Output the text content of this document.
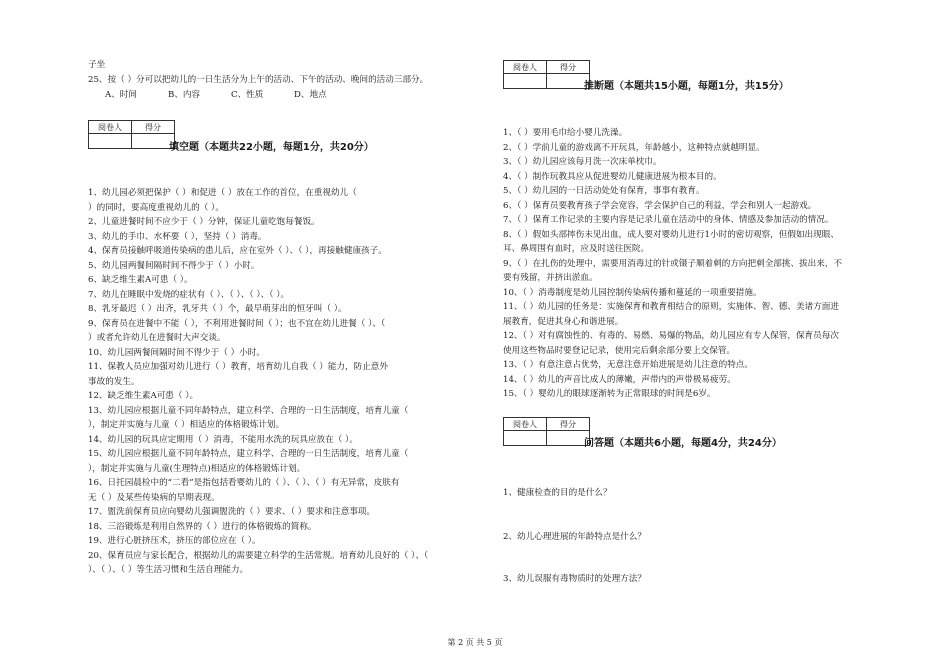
子坐
25、按（ ）分可以把幼儿的一日生活分为上午的活动、下午的活动、晚间的活动三部分。
A、时间	B、内容	C、性质	D、地点
阅卷人	得分

填空题（本题共22小题，每题1分，共20分）
1、幼儿园必须把保护（ ）和促进（ ）放在工作的首位，在重视幼儿（
）的同时，要高度重视幼儿的（ ）。
2、儿童进餐时间不应少于（ ）分钟，保证儿童吃饱每餐饭。
3、幼儿的手巾、水杯要（ ），坚持（ ）消毒。
4、保育员接触呼吸道传染病的患儿后，应在室外（ ）、（ ），再接触健康孩子。
5、幼儿园两餐间隔时间不得少于（ ）小时。
6、缺乏维生素A可患（ ）。
7、幼儿在睡眠中发烧的症状有（ ）、（ ）、（ ）、（ ）。
8、乳牙最迟（ ）出齐，乳牙共（ ）个，最早萌芽出的恒牙叫（ ）。
9、保育员在进餐中不能（ ），不利用进餐时间（ ）；也不宜在幼儿进餐（ ）、（
）或者允许幼儿在进餐时大声交谈。
10、幼儿园两餐间隔时间不得少于（ ）小时。
11、保教人员应加强对幼儿进行（ ）教育，培育幼儿自我（ ）能力，防止意外
事故的发生。
12、缺乏维生素A可患（ ）。
13、幼儿园应根据儿童不同年龄特点，建立科学、合理的一日生活制度，培育儿童（
），制定并实施与儿童（ ）相适应的体格锻炼计划。
14、幼儿园的玩具应定期用（ ）消毒，不能用水洗的玩具应放在（ ）。
15、幼儿园应根据儿童不同年龄特点，建立科学、合理的一日生活制度，培育儿童（
），制定并实施与儿童(生理特点)相适应的体格锻炼计划。
16、日托园晨检中的“二看”是指包括看婴幼儿的（ ）、（ ）、（ ）有无异常，皮肤有
无（ ）及某些传染病的早期表现。
17、盥洗前保育员应向婴幼儿强调盥洗的（ ）要求、（ ）要求和注意事项。
18、三浴锻炼是利用自然界的（ ）进行的体格锻炼的简称。
19、进行心脏挤压术，挤压的部位应在（ ）。
20、保育员应与家长配合，根据幼儿的需要建立科学的生活常规。培育幼儿良好的（ ）、（
）、（ ）、（ ）等生活习惯和生活自理能力。
阅卷人	得分

推断题（本题共15小题，每题1分，共15分）
1、（ ）要用毛巾给小婴儿洗澡。
2、（ ）学前儿童的游戏离不开玩具，年龄越小，这种特点就越明显。
3、（ ）幼儿园应该每月洗一次床单枕巾。
4、（ ）制作玩教具应从促进婴幼儿健康进展为根本目的。
5、（ ）幼儿园的一日活动处处有保育，事事有教育。
6、（ ）保育员要教育孩子学会宽容，学会保护自己的利益，学会和别人一起游戏。
7、（ ）保育工作记录的主要内容是记录儿童在活动中的身体、情感及参加活动的情况。
8、（ ）假如头部摔伤未见出血，成人要对婴幼儿进行1小时的密切观察，但假如出现眼、
耳、鼻周围有血时，应及时送往医院。
9、（ ）在扎伤的处理中，需要用消毒过的针或镊子顺着刺的方向把刺全部挑、拔出来，不
要有残留，并挤出淤血。
10、（ ）消毒制度是幼儿园控制传染病传播和蔓延的一项重要措施。
11、（ ）幼儿园的任务是：实施保育和教育相结合的原则，实施体、智、德、美诸方面进
展教育，促进其身心和谐进展。
12、（ ）对有腐蚀性的、有毒的、易燃、易爆的物品，幼儿园应有专人保管，保育员每次
使用这些物品时要登记记录，使用完后剩余部分要上交保管。
13、（ ）有意注意占优势，无意注意开始进展是幼儿注意的特点。
14、（ ）幼儿的声音比成人的薄嫩，声带内的声带极易疲劳。
15、（ ）婴幼儿的眼球逐渐转为正常眼球的时间是6岁。
阅卷人	得分

问答题（本题共6小题，每题4分，共24分）
1、健康检查的目的是什么？
2、幼儿心理进展的年龄特点是什么？
3、幼儿误服有毒物质时的处理方法？
第 2 页 共 5 页
